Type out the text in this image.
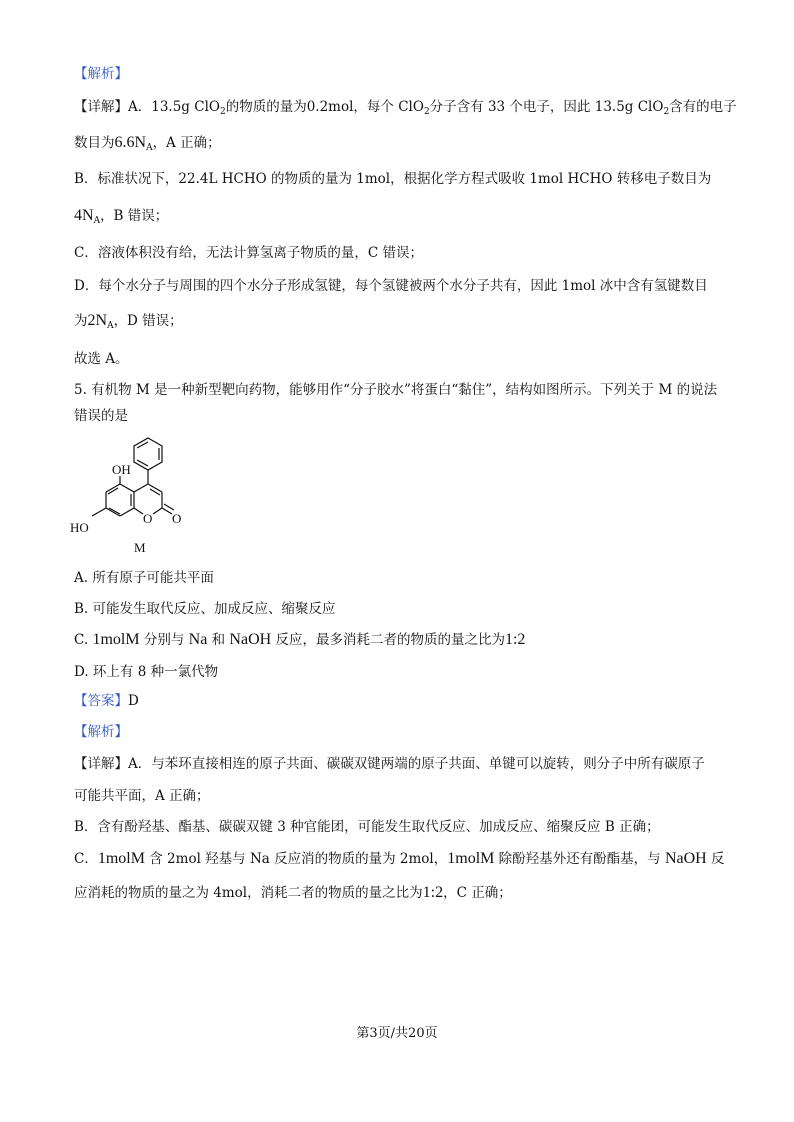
【解析】
【详解】A．13.5g ClO$_2$的物质的量为0.2mol，每个 ClO$_2$分子含有 33 个电子，因此 13.5g ClO$_2$含有的电子
数目为$6.6N_A$，A 正确；
B．标准状况下，22.4L HCHO 的物质的量为 1mol，根据化学方程式吸收 1mol HCHO 转移电子数目为
$4N_A$，B 错误；
C．溶液体积没有给，无法计算氢离子物质的量，C 错误；
D．每个水分子与周围的四个水分子形成氢键，每个氢键被两个水分子共有，因此 1mol 冰中含有氢键数目
为$2N_A$，D 错误；
故选 A。
5. 有机物 M 是一种新型靶向药物，能够用作“分子胶水”将蛋白“黏住”，结构如图所示。下列关于 M 的说法
错误的是
OH
HO
O O
M
A. 所有原子可能共平面
B. 可能发生取代反应、加成反应、缩聚反应
C. 1molM 分别与 Na 和 NaOH 反应，最多消耗二者的物质的量之比为1:2
D. 环上有 8 种一氯代物
【答案】D
【解析】
【详解】A．与苯环直接相连的原子共面、碳碳双键两端的原子共面、单键可以旋转，则分子中所有碳原子
可能共平面，A 正确；
B．含有酚羟基、酯基、碳碳双键 3 种官能团，可能发生取代反应、加成反应、缩聚反应 B 正确；
C．1molM 含 2mol 羟基与 Na 反应消的物质的量为 2mol，1molM 除酚羟基外还有酚酯基，与 NaOH 反
应消耗的物质的量之为 4mol，消耗二者的物质的量之比为1:2，C 正确；
第3页/共20页
